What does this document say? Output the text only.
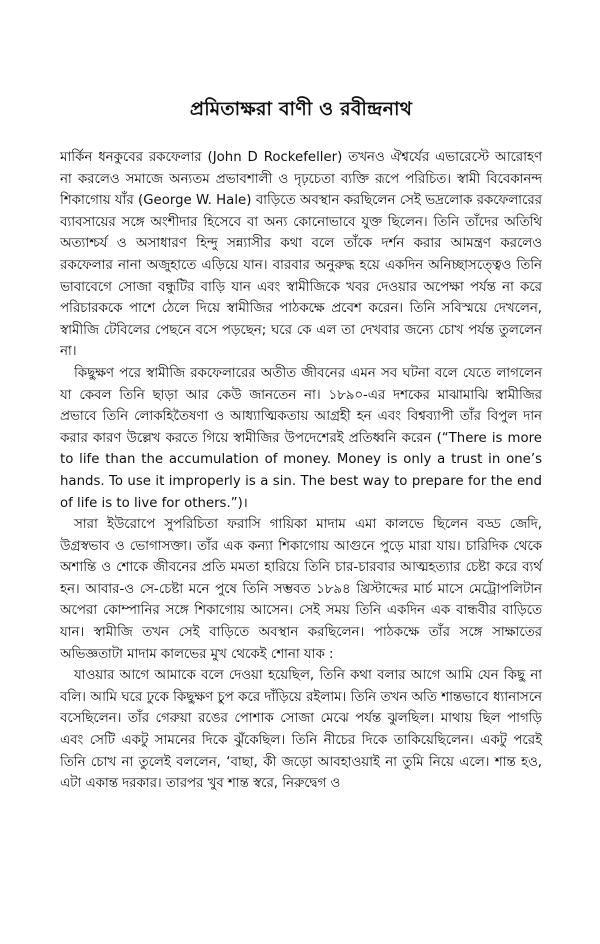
প্রমিতাক্ষরা বাণী ও রবীন্দ্রনাথ

মার্কিন ধনকুবের রকফেলার (John D Rockefeller) তখনও ঐশ্বর্যের এভারেস্টে আরোহণ না করলেও সমাজে অন্যতম প্রভাবশালী ও দৃঢ়চেতা ব্যক্তি রূপে পরিচিত। স্বামী বিবেকানন্দ শিকাগোয় যাঁর (George W. Hale) বাড়িতে অবস্থান করছিলেন সেই ভদ্রলোক রকফেলারের ব্যাবসায়ের সঙ্গে অংশীদার হিসেবে বা অন্য কোনোভাবে যুক্ত ছিলেন। তিনি তাঁদের অতিথি অত্যাশ্চর্য ও অসাধারণ হিন্দু সন্ন্যাসীর কথা বলে তাঁকে দর্শন করার আমন্ত্রণ করলেও রকফেলার নানা অজুহাতে এড়িয়ে যান। বারবার অনুরুদ্ধ হয়ে একদিন অনিচ্ছাসত্ত্বেও তিনি ভাবাবেগে সোজা বন্ধুটির বাড়ি যান এবং স্বামীজিকে খবর দেওয়ার অপেক্ষা পর্যন্ত না করে পরিচারককে পাশে ঠেলে দিয়ে স্বামীজির পাঠকক্ষে প্রবেশ করেন। তিনি সবিস্ময়ে দেখলেন, স্বামীজি টেবিলের পেছনে বসে পড়ছেন; ঘরে কে এল তা দেখবার জন্যে চোখ পর্যন্ত তুললেন না।

কিছুক্ষণ পরে স্বামীজি রকফেলারের অতীত জীবনের এমন সব ঘটনা বলে যেতে লাগলেন যা কেবল তিনি ছাড়া আর কেউ জানতেন না। ১৮৯০-এর দশকের মাঝামাঝি স্বামীজির প্রভাবে তিনি লোকহিতৈষণা ও আধ্যাত্মিকতায় আগ্রহী হন এবং বিশ্বব্যাপী তাঁর বিপুল দান করার কারণ উল্লেখ করতে গিয়ে স্বামীজির উপদেশেরই প্রতিধ্বনি করেন (“There is more to life than the accumulation of money. Money is only a trust in one’s hands. To use it improperly is a sin. The best way to prepare for the end of life is to live for others.”)।

সারা ইউরোপে সুপরিচিতা ফরাসি গায়িকা মাদাম এমা কালভে ছিলেন বড্ড জেদি, উগ্রস্বভাব ও ভোগাসক্তা। তাঁর এক কন্যা শিকাগোয় আগুনে পুড়ে মারা যায়। চারিদিক থেকে অশান্তি ও শোকে জীবনের প্রতি মমতা হারিয়ে তিনি চার-চারবার আত্মহত্যার চেষ্টা করে ব্যর্থ হন। আবার-ও সে-চেষ্টা মনে পুষে তিনি সম্ভবত ১৮৯৪ খ্রিস্টাব্দের মার্চ মাসে মেট্রোপলিটান অপেরা কোম্পানির সঙ্গে শিকাগোয় আসেন। সেই সময় তিনি একদিন এক বান্ধবীর বাড়িতে যান। স্বামীজি তখন সেই বাড়িতে অবস্থান করছিলেন। পাঠকক্ষে তাঁর সঙ্গে সাক্ষাতের অভিজ্ঞতাটা মাদাম কালভের মুখ থেকেই শোনা যাক :

যাওয়ার আগে আমাকে বলে দেওয়া হয়েছিল, তিনি কথা বলার আগে আমি যেন কিছু না বলি। আমি ঘরে ঢুকে কিছুক্ষণ চুপ করে দাঁড়িয়ে রইলাম। তিনি তখন অতি শান্তভাবে ধ্যানাসনে বসেছিলেন। তাঁর গেরুয়া রঙের পোশাক সোজা মেঝে পর্যন্ত ঝুলছিল। মাথায় ছিল পাগড়ি এবং সেটি একটু সামনের দিকে ঝুঁকেছিল। তিনি নীচের দিকে তাকিয়েছিলেন। একটু পরেই তিনি চোখ না তুলেই বললেন, ‘বাছা, কী জড়ো আবহাওয়াই না তুমি নিয়ে এলে। শান্ত হও, এটা একান্ত দরকার। তারপর খুব শান্ত স্বরে, নিরুদ্বেগ ও
